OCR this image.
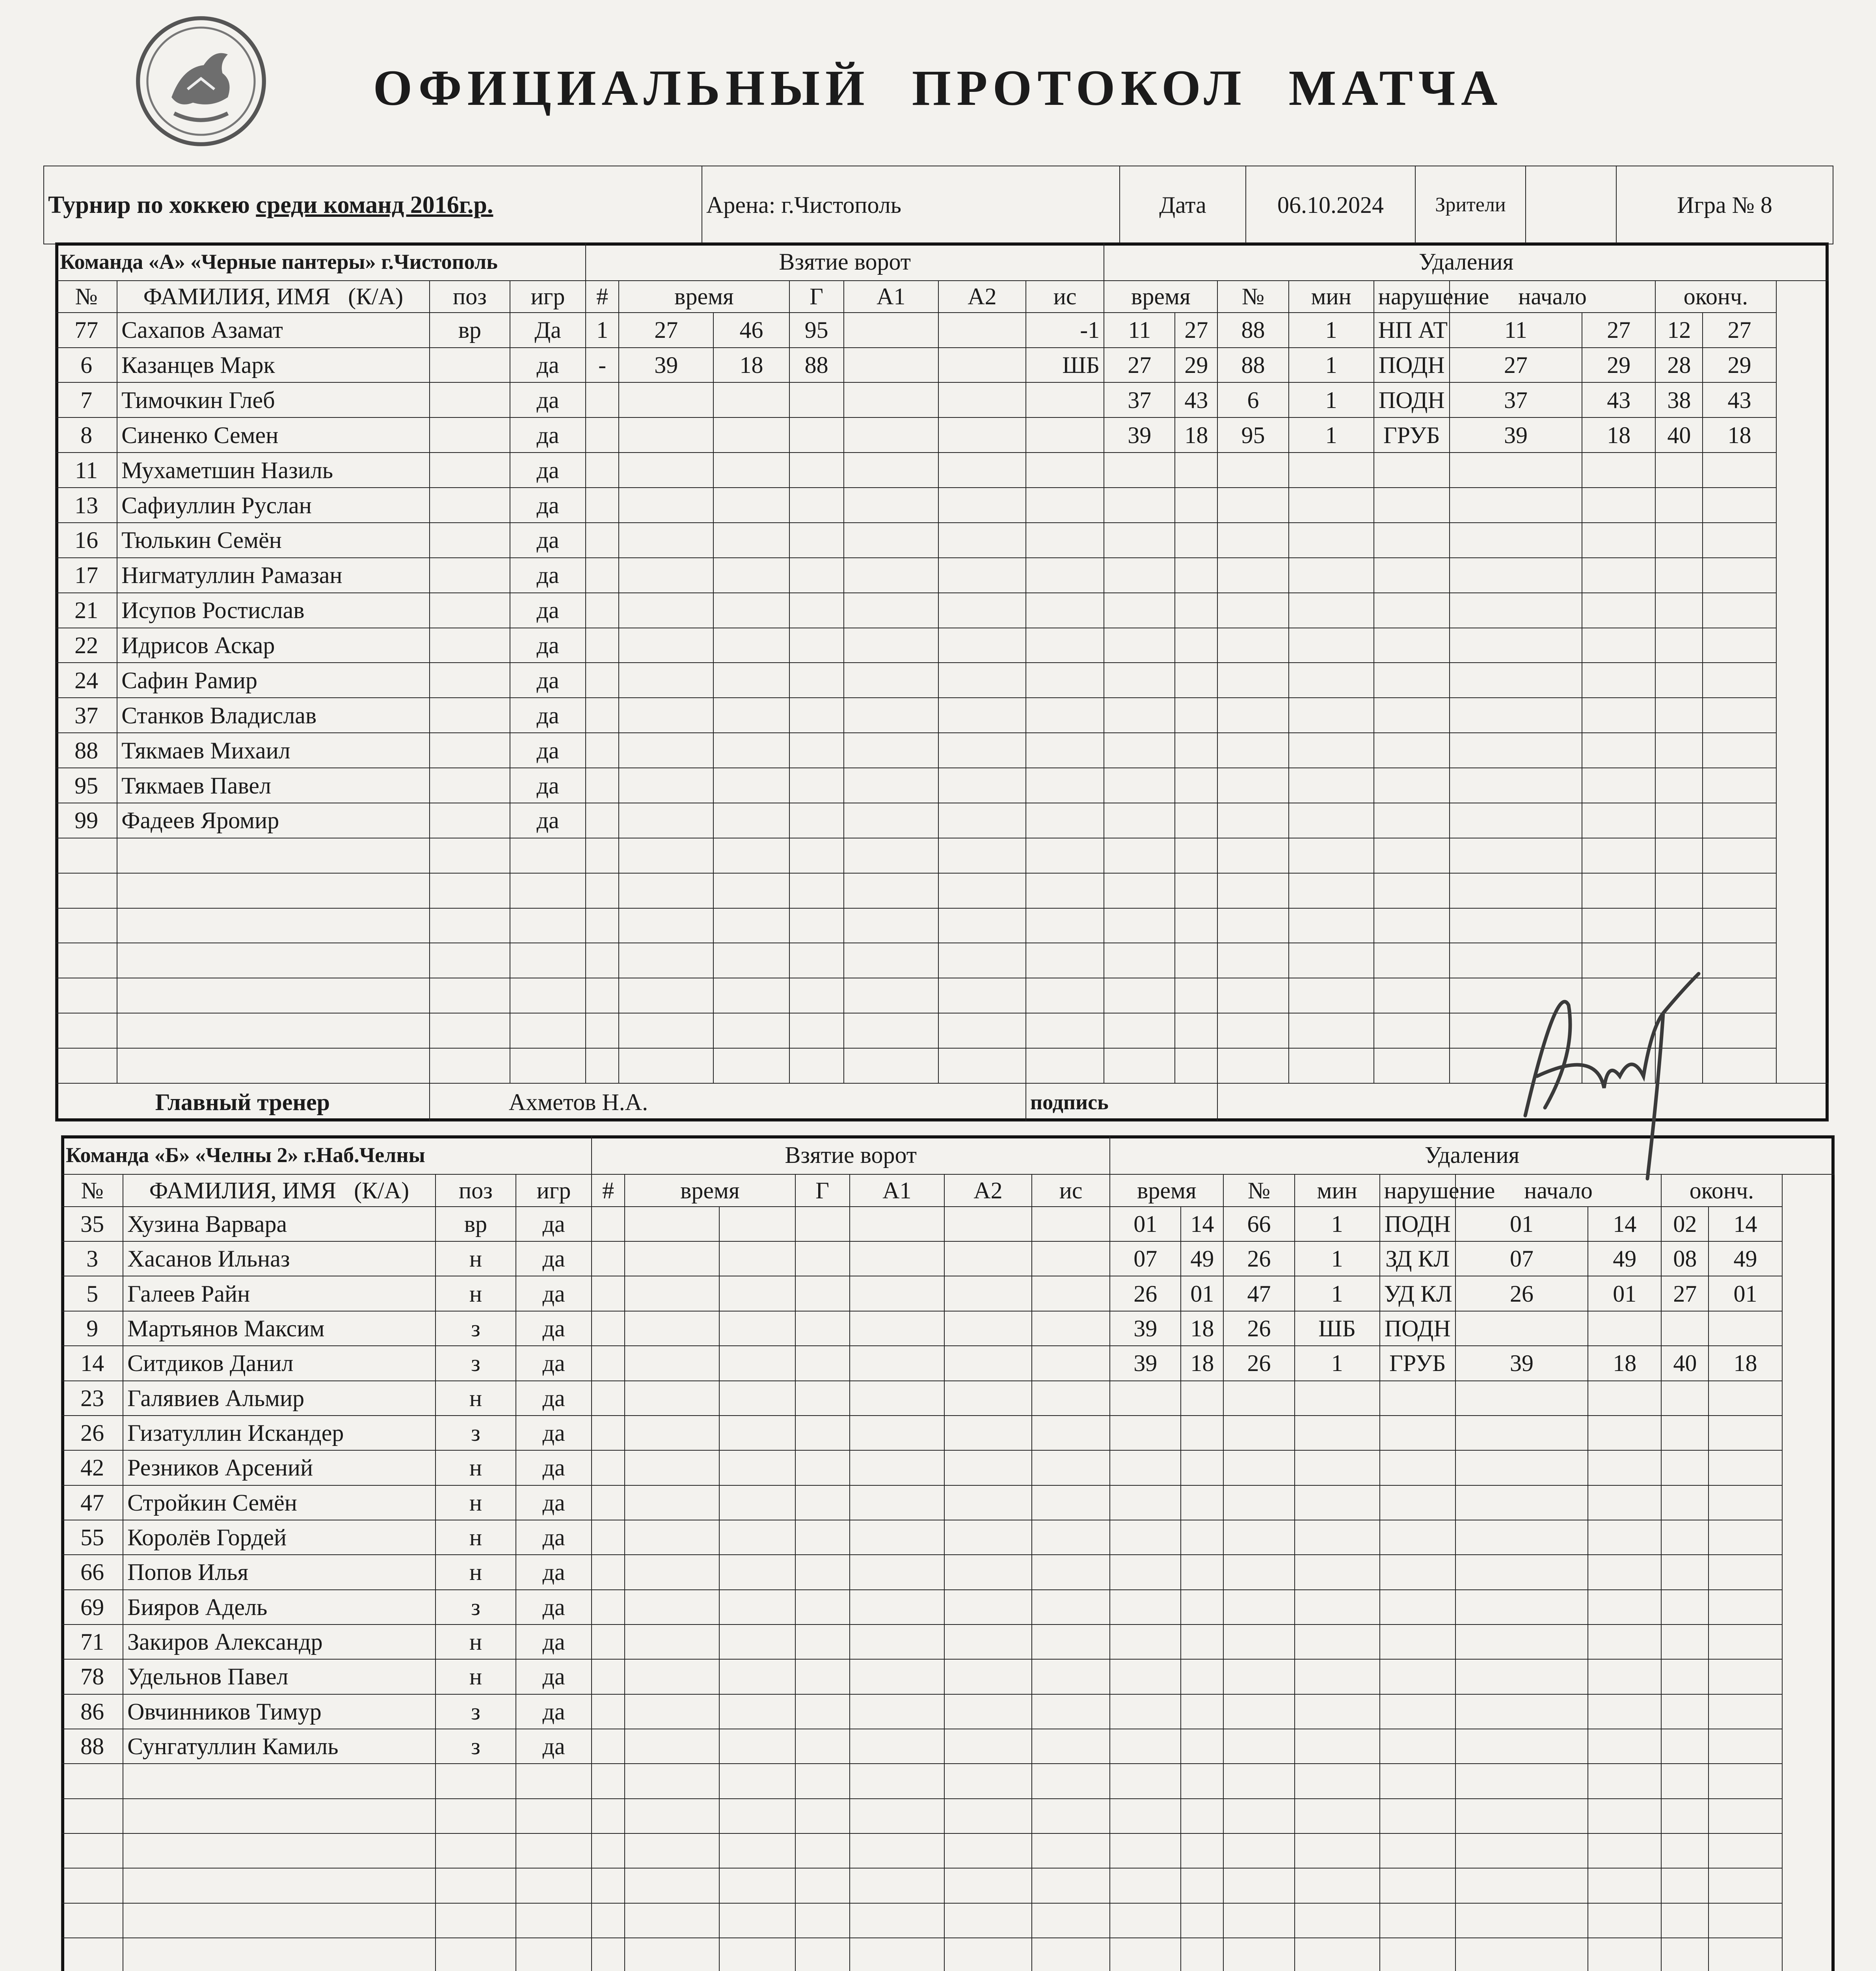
ОФИЦИАЛЬНЫЙ ПРОТОКОЛ МАТЧА
Турнир по хоккею среди команд 2016г.р.	Арена: г.Чистополь	Дата	06.10.2024	Зрители		Игра № 8
Команда «А» «Черные пантеры» г.Чистополь				Взятие ворот							Удаления								
№	ФАМИЛИЯ, ИМЯ (К/А)	поз	игр	#	время		Г	А1	А2	ис	время		№	мин	нарушение	начало		оконч.	
77	Сахапов Азамат	вр	Да	1	27	46	95			-1	11	27	88	1	НП АТ	11	27	12	27
6	Казанцев Марк		да	-	39	18	88			ШБ	27	29	88	1	ПОДН	27	29	28	29
7	Тимочкин Глеб		да								37	43	6	1	ПОДН	37	43	38	43
8	Синенко Семен		да								39	18	95	1	ГРУБ	39	18	40	18
11	Мухаметшин Назиль		да																
13	Сафиуллин Руслан		да																
16	Тюлькин Семён		да																
17	Нигматуллин Рамазан		да																
21	Исупов Ростислав		да																
22	Идрисов Аскар		да																
24	Сафин Рамир		да																
37	Станков Владислав		да																
88	Тякмаев Михаил		да																
95	Тякмаев Павел		да																
99	Фадеев Яромир		да																

Главный тренер		Ахметов Н.А.								подпись									
Команда «Б» «Челны 2» г.Наб.Челны				Взятие ворот							Удаления								
№	ФАМИЛИЯ, ИМЯ (К/А)	поз	игр	#	время		Г	А1	А2	ис	время		№	мин	нарушение	начало		оконч.	
35	Хузина Варвара	вр	да								01	14	66	1	ПОДН	01	14	02	14
3	Хасанов Ильназ	н	да								07	49	26	1	ЗД КЛ	07	49	08	49
5	Галеев Райн	н	да								26	01	47	1	УД КЛ	26	01	27	01
9	Мартьянов Максим	з	да								39	18	26	ШБ	ПОДН				
14	Ситдиков Данил	з	да								39	18	26	1	ГРУБ	39	18	40	18
23	Галявиев Альмир	н	да																
26	Гизатуллин Искандер	з	да																
42	Резников Арсений	н	да																
47	Стройкин Семён	н	да																
55	Королёв Гордей	н	да																
66	Попов Илья	н	да																
69	Бияров Адель	з	да																
71	Закиров Александр	н	да																
78	Удельнов Павел	н	да																
86	Овчинников Тимур	з	да																
88	Сунгатуллин Камиль	з	да																
